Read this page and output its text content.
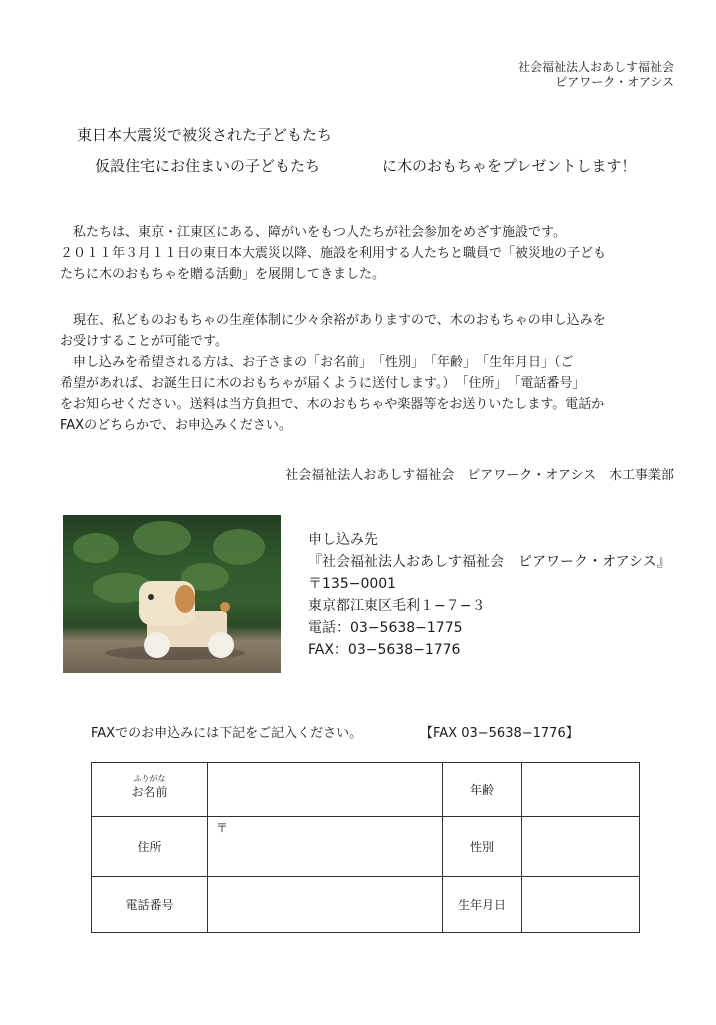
社会福祉法人おあしす福祉会
ピアワーク・オアシス
東日本大震災で被災された子どもたち
仮設住宅にお住まいの子どもたち	に木のおもちゃをプレゼントします！

私たちは、東京・江東区にある、障がいをもつ人たちが社会参加をめざす施設です。

２０１１年３月１１日の東日本大震災以降、施設を利用する人たちと職員で「被災地の子ども

たちに木のおもちゃを贈る活動」を展開してきました。

現在、私どものおもちゃの生産体制に少々余裕がありますので、木のおもちゃの申し込みを

お受けすることが可能です。

申し込みを希望される方は、お子さまの「お名前」　「性別」　「年齢」　「生年月日」（ご

希望があれば、お誕生日に木のおもちゃが届くように送付します。）　「住所」　「電話番号」

をお知らせください。送料は当方負担で、木のおもちゃや楽器等をお送りいたします。電話か

FAXのどちらかで、お申込みください。

社会福祉法人おあしす福祉会　ピアワーク・オアシス　木工事業部
申し込み先
『社会福祉法人おあしす福祉会　ピアワーク・オアシス』
〒135−0001
東京都江東区毛利１−７−３
電話：03−5638−1775
FAX：03−5638−1776
FAXでのお申込みには下記をご記入ください。	【FAX 03−5638−1776】
ふりがな
お名前		年齢	
住所	〒	性別	
電話番号		生年月日	
